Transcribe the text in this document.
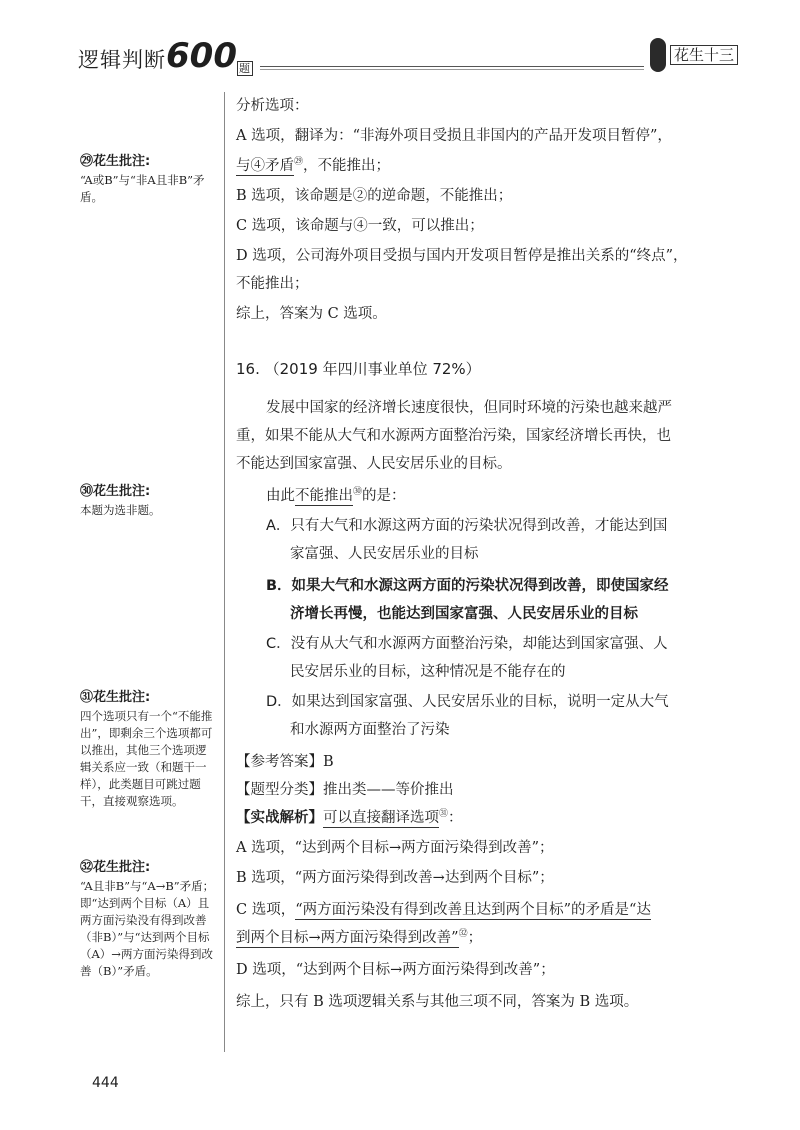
逻辑判断600 题
花生十三
㉙花生批注:
“A或B”与“非A且非B”矛盾。
㉚花生批注:
本题为选非题。
㉛花生批注:
四个选项只有一个“不能推出”，即剩余三个选项都可以推出，其他三个选项逻辑关系应一致（和题干一样），此类题目可跳过题干，直接观察选项。
㉜花生批注:
“A且非B”与“A→B”矛盾；即“达到两个目标（A）且两方面污染没有得到改善（非B）”与“达到两个目标（A）→两方面污染得到改善（B）”矛盾。
分析选项：
A 选项，翻译为：“非海外项目受损且非国内的产品开发项目暂停”，
与④矛盾$^㉙$，不能推出；
B 选项，该命题是②的逆命题，不能推出；
C 选项，该命题与④一致，可以推出；
D 选项，公司海外项目受损与国内开发项目暂停是推出关系的“终点”，
不能推出；
综上，答案为 C 选项。
16. （2019 年四川事业单位 72%）
发展中国家的经济增长速度很快，但同时环境的污染也越来越严
重，如果不能从大气和水源两方面整治污染，国家经济增长再快，也
不能达到国家富强、人民安居乐业的目标。
由此不能推出$^㉚$的是：
A．只有大气和水源这两方面的污染状况得到改善，才能达到国
家富强、人民安居乐业的目标
B．如果大气和水源这两方面的污染状况得到改善，即使国家经
济增长再慢，也能达到国家富强、人民安居乐业的目标
C．没有从大气和水源两方面整治污染，却能达到国家富强、人
民安居乐业的目标，这种情况是不能存在的
D．如果达到国家富强、人民安居乐业的目标，说明一定从大气
和水源两方面整治了污染
【参考答案】B
【题型分类】推出类——等价推出
【实战解析】可以直接翻译选项$^㉛$：
A 选项，“达到两个目标→两方面污染得到改善”；
B 选项，“两方面污染得到改善→达到两个目标”；
C 选项，“两方面污染没有得到改善且达到两个目标”的矛盾是“达
到两个目标→两方面污染得到改善”$^㉜$；
D 选项，“达到两个目标→两方面污染得到改善”；
综上，只有 B 选项逻辑关系与其他三项不同，答案为 B 选项。
444
